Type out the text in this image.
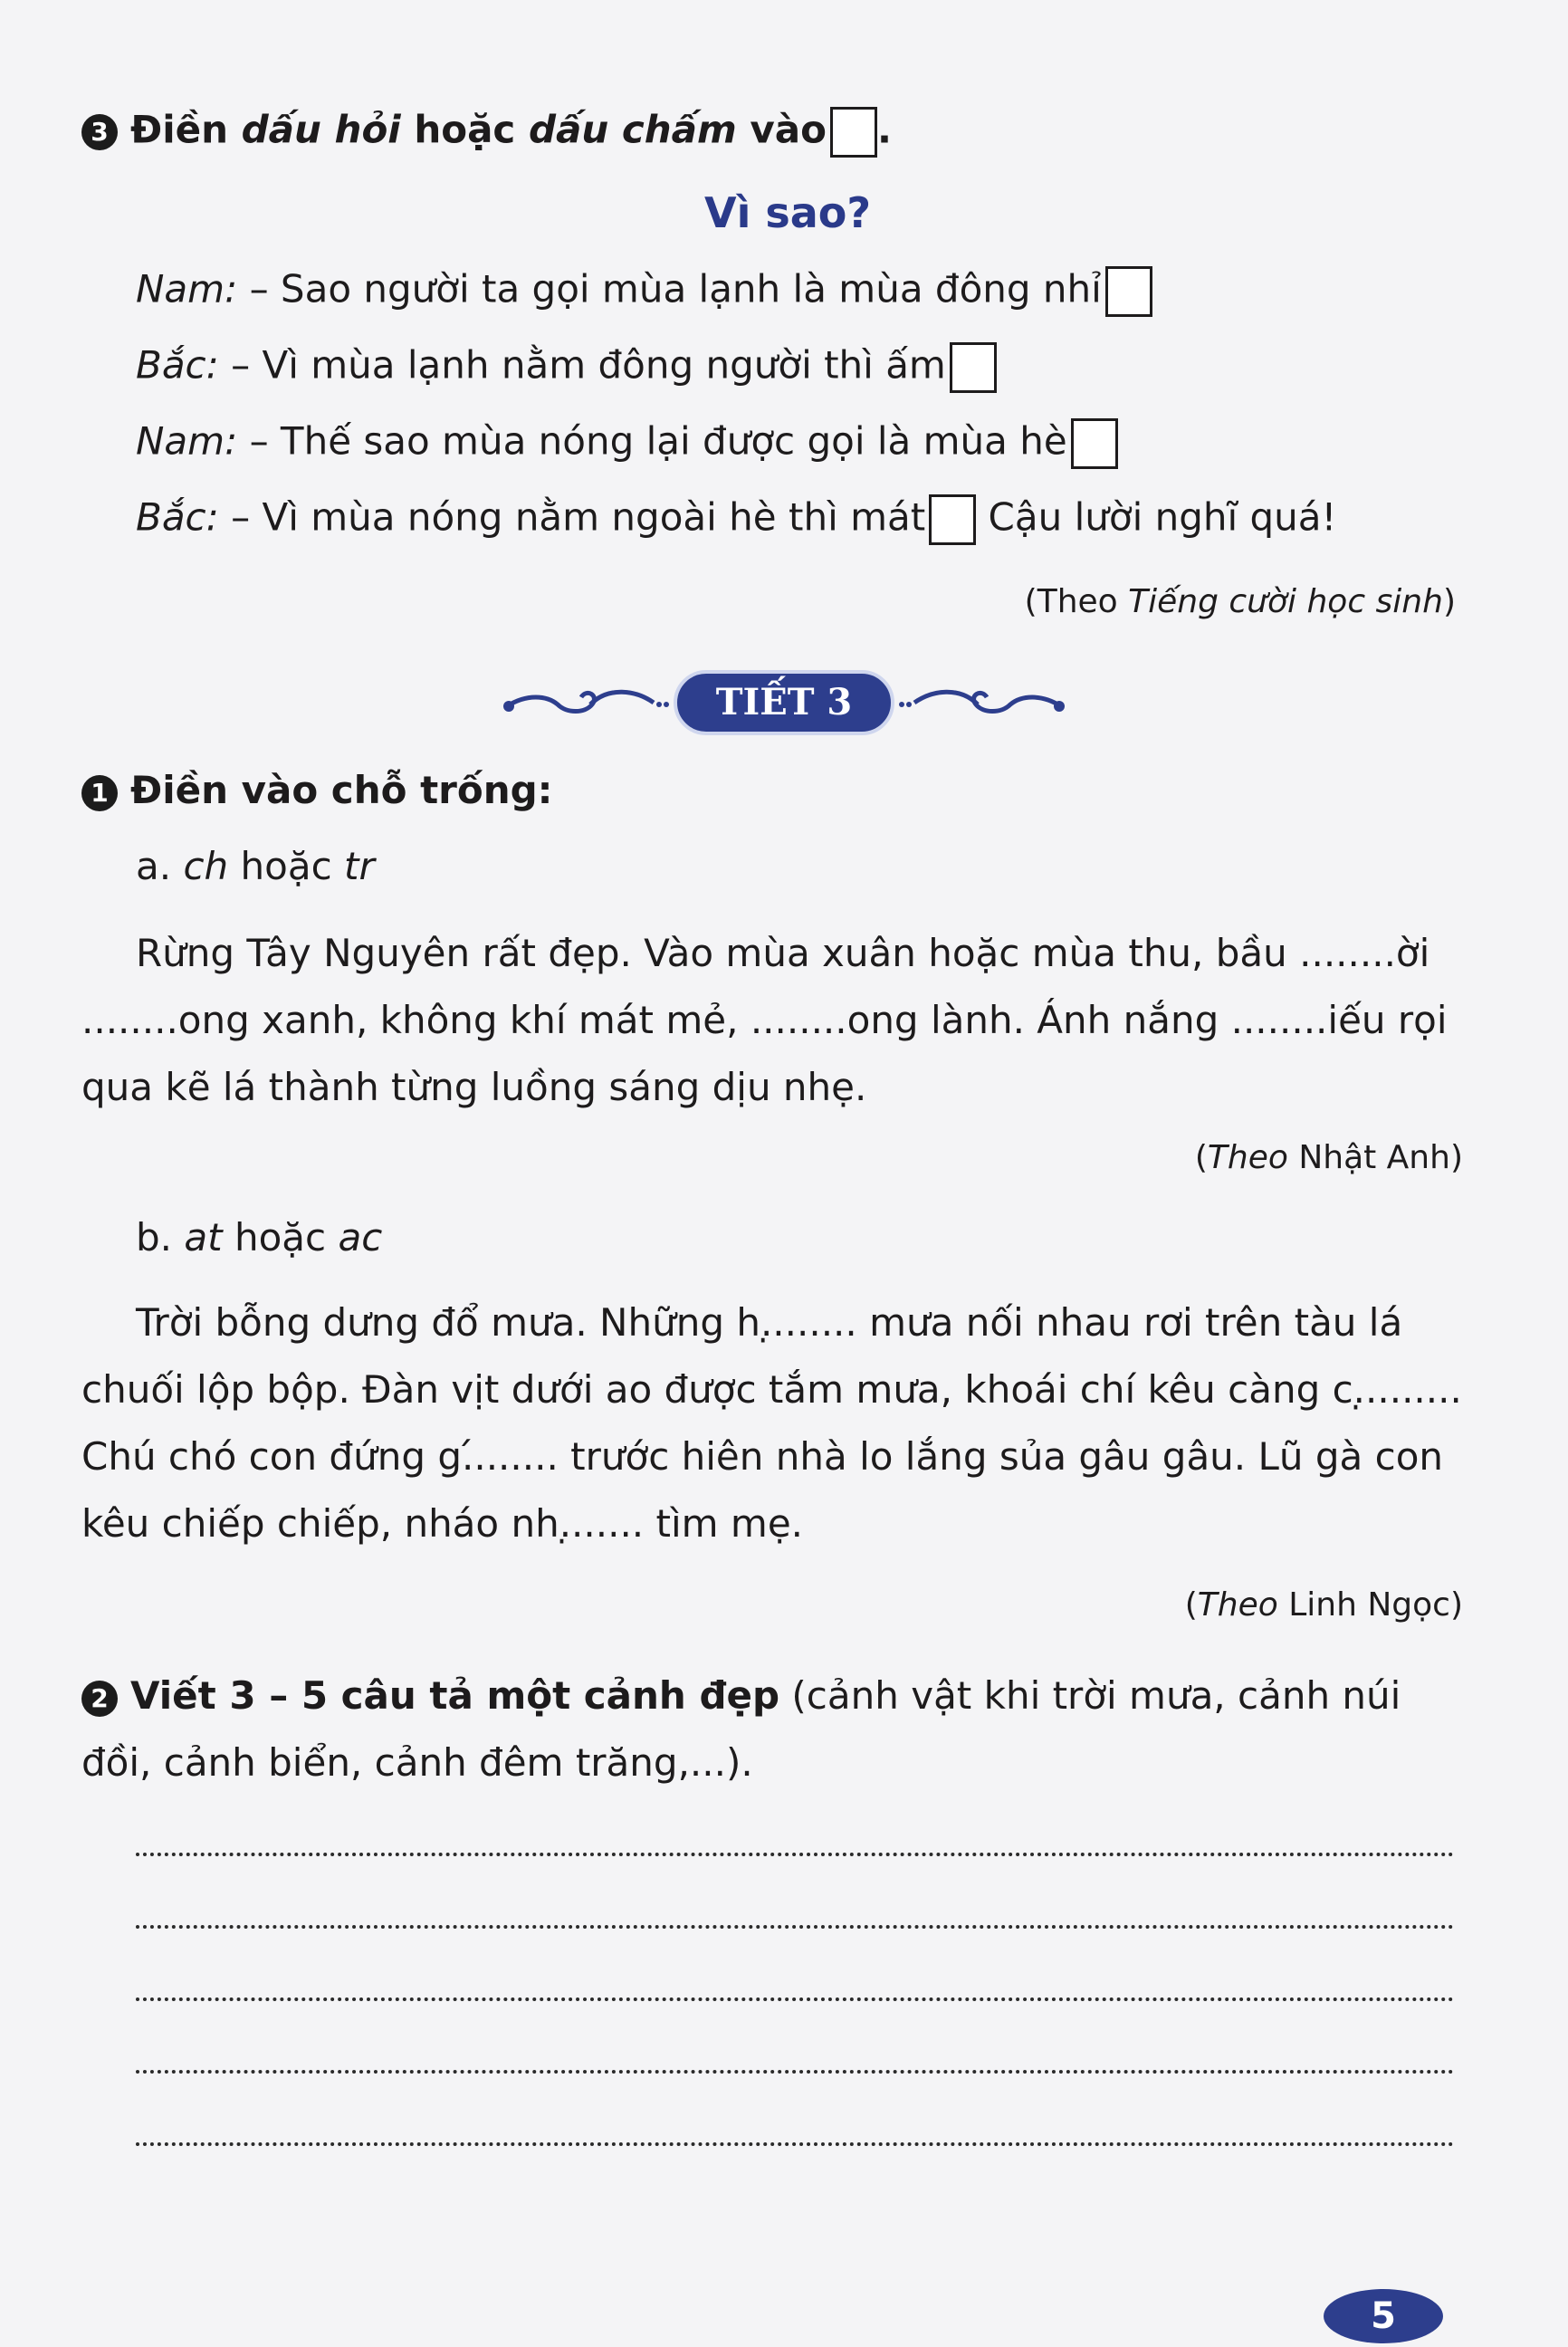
3 Điền dấu hỏi hoặc dấu chấm vào .
Vì sao?
Nam: – Sao người ta gọi mùa lạnh là mùa đông nhỉ
Bắc: – Vì mùa lạnh nằm đông người thì ấm
Nam: – Thế sao mùa nóng lại được gọi là mùa hè
Bắc: – Vì mùa nóng nằm ngoài hè thì mát Cậu lười nghĩ quá!
(Theo Tiếng cười học sinh)
TIẾT 3
1 Điền vào chỗ trống:
a. ch hoặc tr
Rừng Tây Nguyên rất đẹp. Vào mùa xuân hoặc mùa thu, bầu ........ời ........ong xanh, không khí mát mẻ, ........ong lành. Ánh nắng ........iếu rọi qua kẽ lá thành từng luồng sáng dịu nhẹ.
(Theo Nhật Anh)
b. at hoặc ac
Trời bỗng dưng đổ mưa. Những h.̣....... mưa nối nhau rơi trên tàu lá chuối lộp bộp. Đàn vịt dưới ao được tắm mưa, khoái chí kêu càng c.̣........ Chú chó con đứng g.́....... trước hiên nhà lo lắng sủa gâu gâu. Lũ gà con kêu chiếp chiếp, nháo nh.̣...... tìm mẹ.
(Theo Linh Ngọc)
2 Viết 3 – 5 câu tả một cảnh đẹp (cảnh vật khi trời mưa, cảnh núi đồi, cảnh biển, cảnh đêm trăng,...).
5
